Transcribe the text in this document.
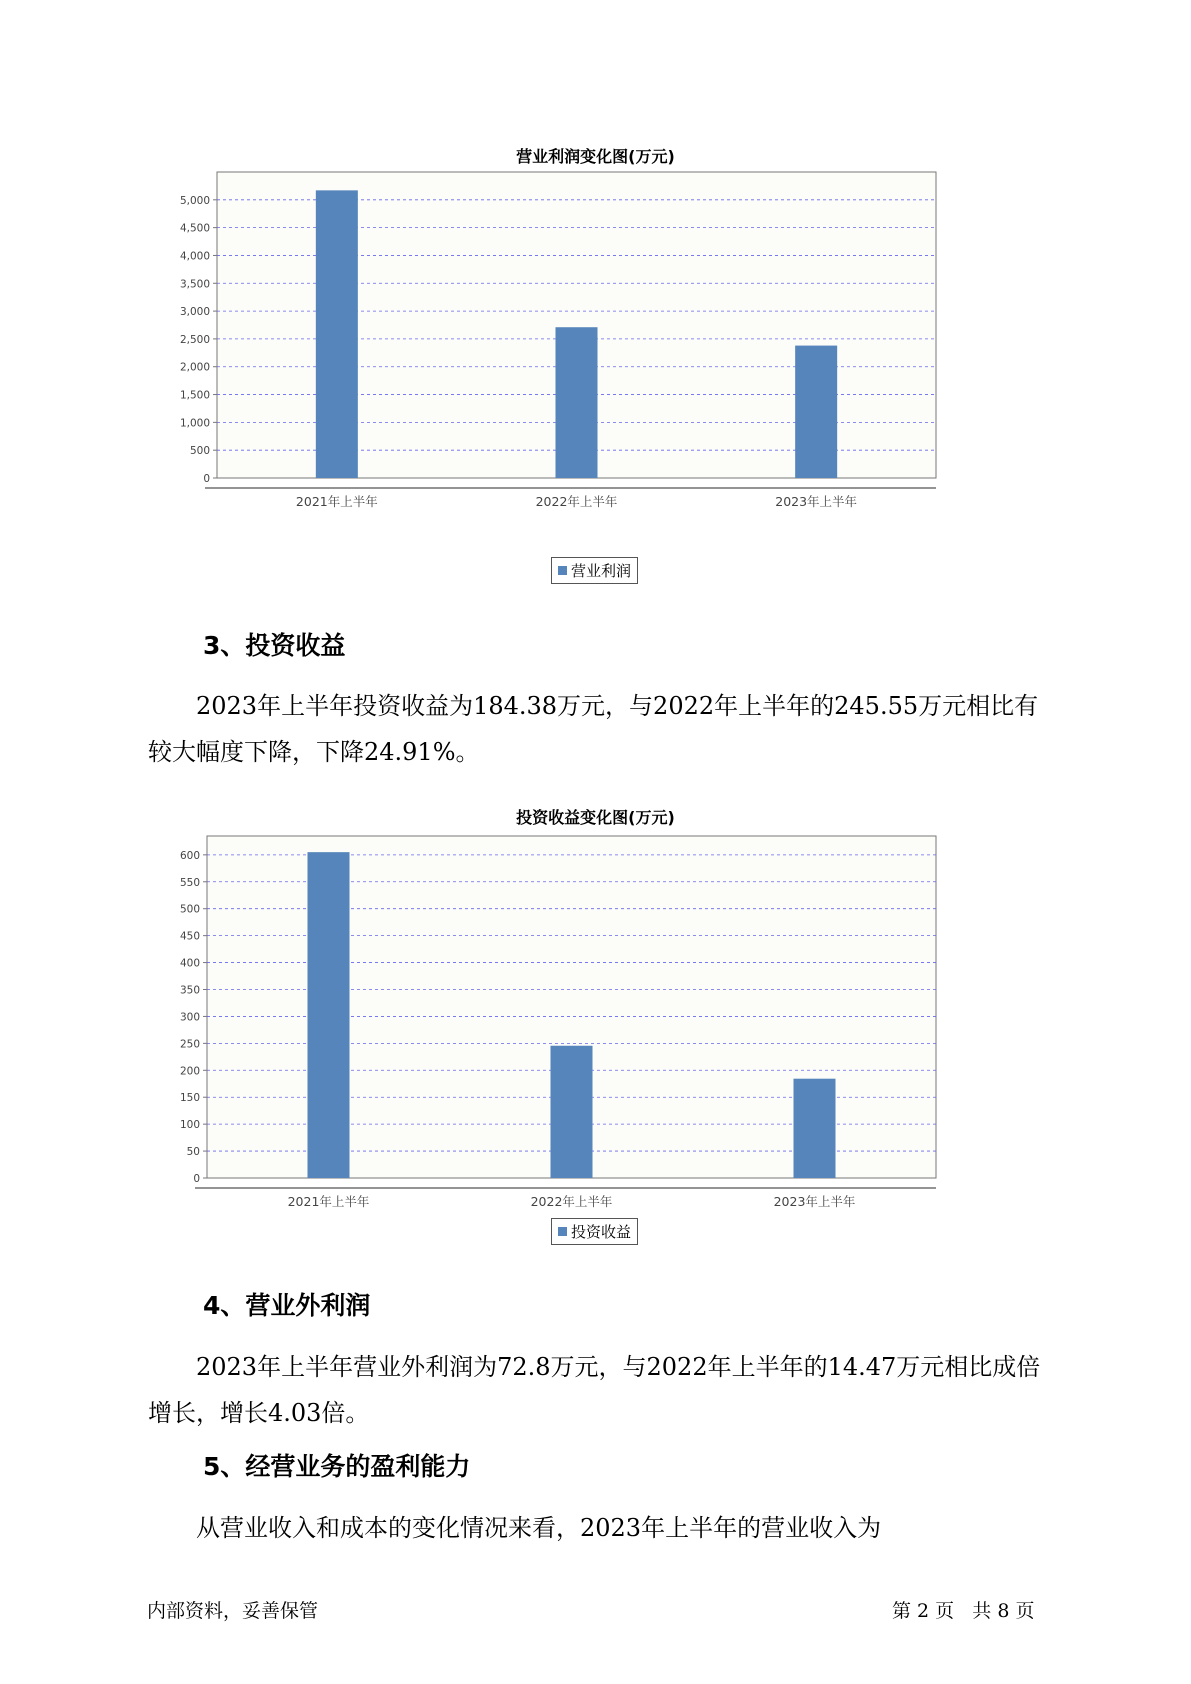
营业利润变化图(万元)
0
500
1,000
1,500
2,000
2,500
3,000
3,500
4,000
4,500
5,000
2021年上半年	2022年上半年	2023年上半年
营业利润
3、投资收益
2023年上半年投资收益为184.38万元，与2022年上半年的245.55万元相比有较大幅度下降，下降24.91%。
投资收益变化图(万元)
0
50
100
150
200
250
300
350
400
450
500
550
600
2021年上半年	2022年上半年	2023年上半年
投资收益
4、营业外利润
2023年上半年营业外利润为72.8万元，与2022年上半年的14.47万元相比成倍增长，增长4.03倍。
5、经营业务的盈利能力
从营业收入和成本的变化情况来看，2023年上半年的营业收入为
内部资料，妥善保管	第 2 页   共 8 页
